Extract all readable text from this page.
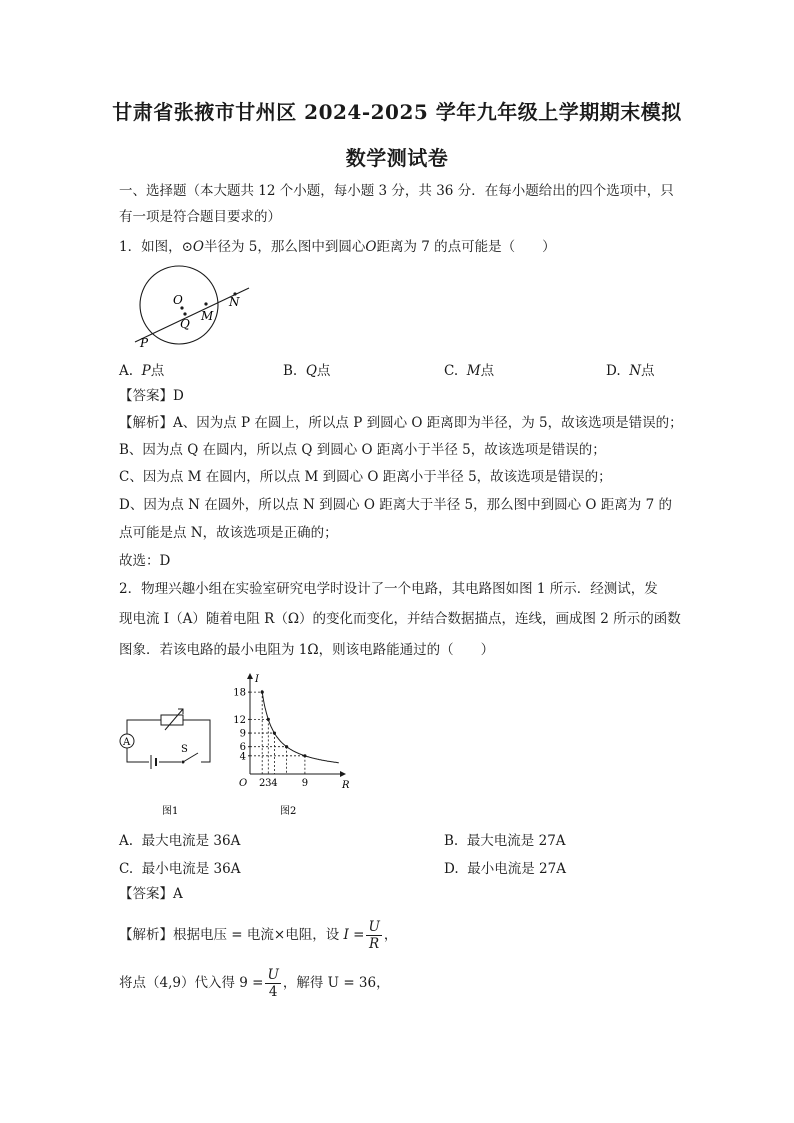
甘肃省张掖市甘州区 2024-2025 学年九年级上学期期末模拟
数学测试卷
一、选择题（本大题共 12 个小题，每小题 3 分，共 36 分．在每小题给出的四个选项中，只
有一项是符合题目要求的）
1．如图，⊙O半径为 5，那么图中到圆心O距离为 7 的点可能是（　　）
O
Q
M
N
P
A. P点	B. Q点	C. M点	D. N点
【答案】D
【解析】A、因为点 P 在圆上，所以点 P 到圆心 O 距离即为半径，为 5，故该选项是错误的；
B、因为点 Q 在圆内，所以点 Q 到圆心 O 距离小于半径 5，故该选项是错误的；
C、因为点 M 在圆内，所以点 M 到圆心 O 距离小于半径 5，故该选项是错误的；
D、因为点 N 在圆外，所以点 N 到圆心 O 距离大于半径 5，那么图中到圆心 O 距离为 7 的
点可能是点 N，故该选项是正确的；
故选：D
2．物理兴趣小组在实验室研究电学时设计了一个电路，其电路图如图 1 所示．经测试，发
现电流 I（A）随着电阻 R（Ω）的变化而变化，并结合数据描点，连线，画成图 2 所示的函数
图象．若该电路的最小电阻为 1Ω，则该电路能通过的（　　）
A
S
图1
I
R
O
18
12
9
6
4
2 3 4 9
图2
A. 最大电流是 36A	B. 最大电流是 27A
C. 最小电流是 36A	D. 最小电流是 27A
【答案】A
【解析】根据电压 = 电流×电阻，设 $I = \frac{U}{R}$ ，
将点（4,9）代入得 $9 = \frac{U}{4}$ ，解得 U = 36，
